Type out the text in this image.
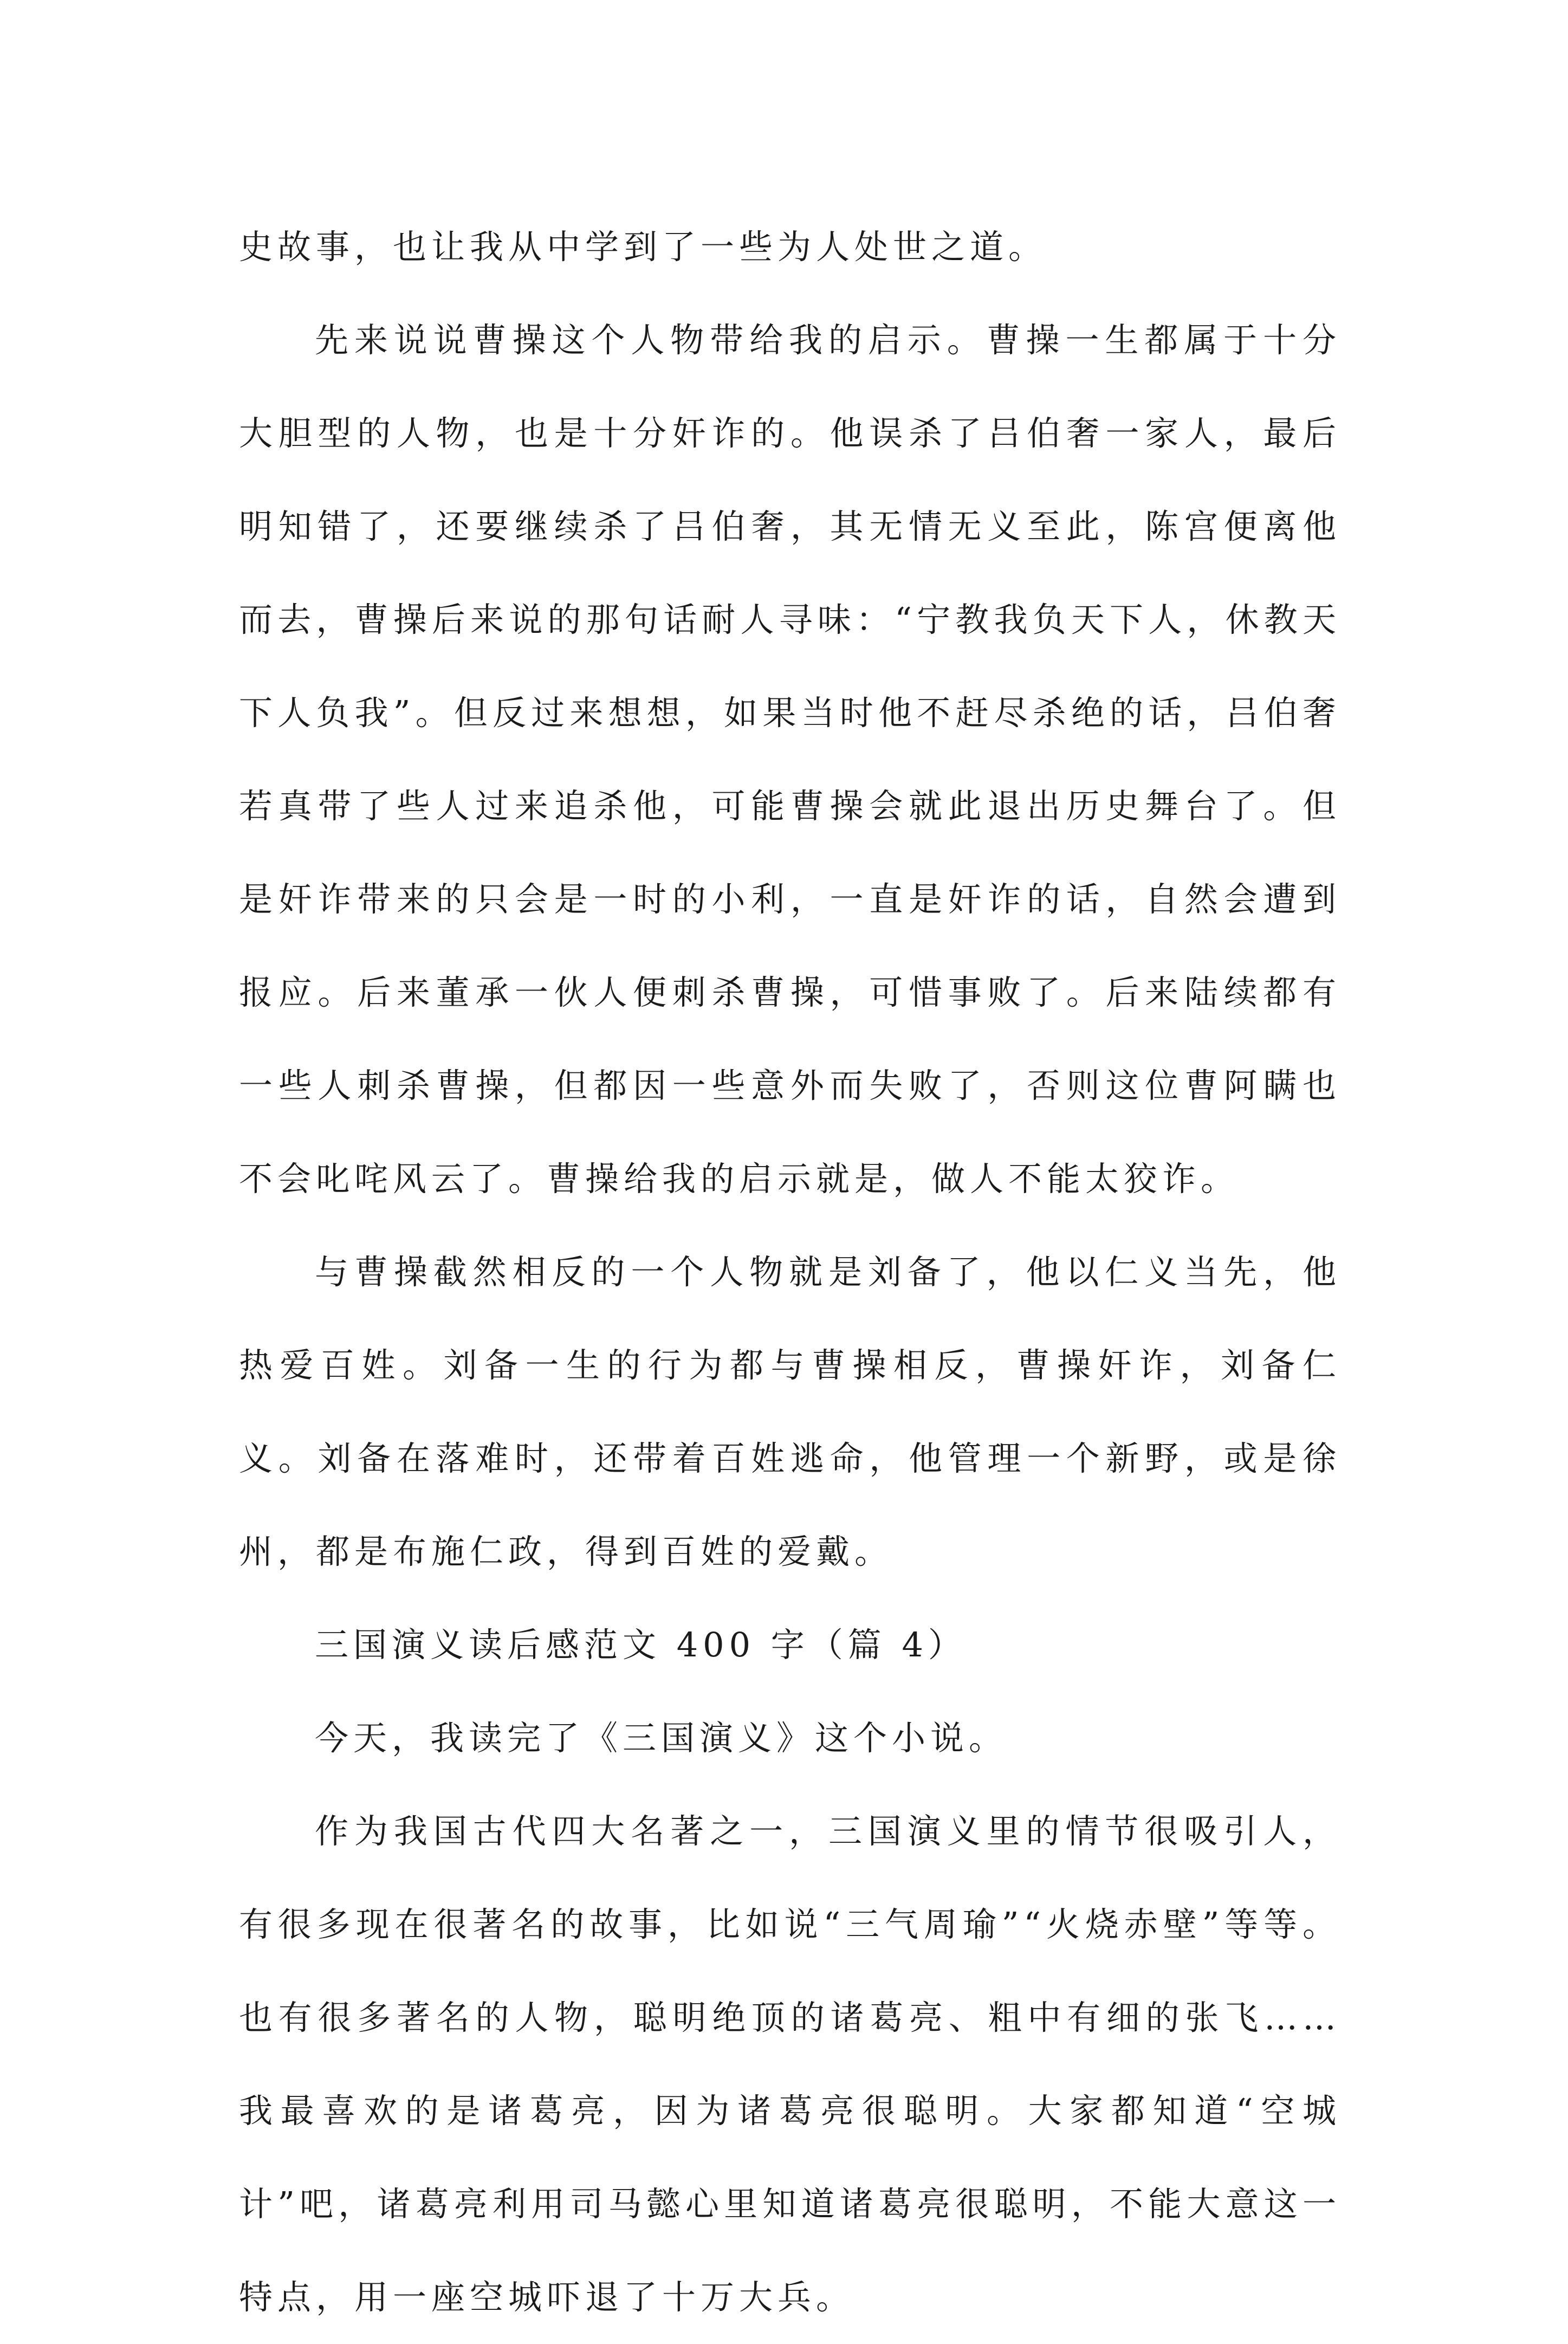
史故事，也让我从中学到了一些为人处世之道。

先来说说曹操这个人物带给我的启示。曹操一生都属于十分大胆型的人物，也是十分奸诈的。他误杀了吕伯奢一家人，最后明知错了，还要继续杀了吕伯奢，其无情无义至此，陈宫便离他而去，曹操后来说的那句话耐人寻味：“宁教我负天下人，休教天下人负我”。但反过来想想，如果当时他不赶尽杀绝的话，吕伯奢若真带了些人过来追杀他，可能曹操会就此退出历史舞台了。但是奸诈带来的只会是一时的小利，一直是奸诈的话，自然会遭到报应。后来董承一伙人便刺杀曹操，可惜事败了。后来陆续都有一些人刺杀曹操，但都因一些意外而失败了，否则这位曹阿瞒也不会叱咤风云了。曹操给我的启示就是，做人不能太狡诈。

与曹操截然相反的一个人物就是刘备了，他以仁义当先，他热爱百姓。刘备一生的行为都与曹操相反，曹操奸诈，刘备仁义。刘备在落难时，还带着百姓逃命，他管理一个新野，或是徐州，都是布施仁政，得到百姓的爱戴。

三国演义读后感范文 400 字（篇 4）

今天，我读完了《三国演义》这个小说。

作为我国古代四大名著之一，三国演义里的情节很吸引人，有很多现在很著名的故事，比如说“三气周瑜”“火烧赤壁”等等。也有很多著名的人物，聪明绝顶的诸葛亮、粗中有细的张飞……我最喜欢的是诸葛亮，因为诸葛亮很聪明。大家都知道“空城计”吧，诸葛亮利用司马懿心里知道诸葛亮很聪明，不能大意这一特点，用一座空城吓退了十万大兵。
